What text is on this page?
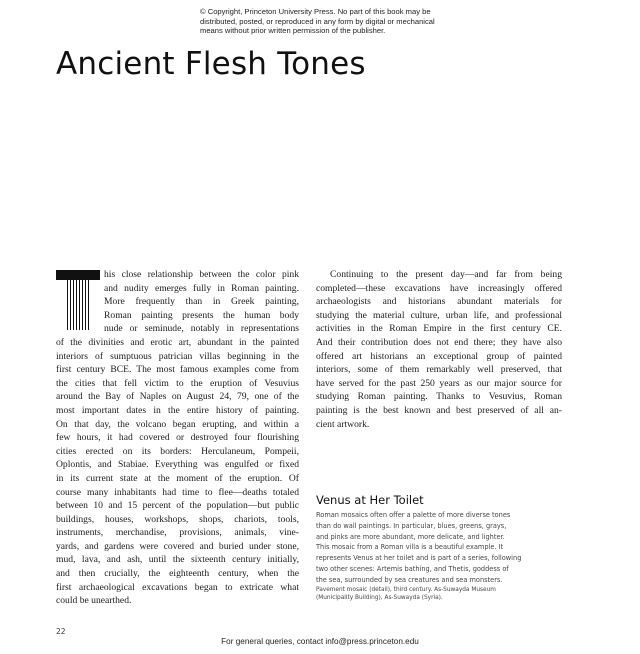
© Copyright, Princeton University Press. No part of this book may be
distributed, posted, or reproduced in any form by digital or mechanical
means without prior written permission of the publisher.
Ancient Flesh Tones
his close relationship between the color pink
and nudity emerges fully in Roman painting.
More frequently than in Greek painting,
Roman painting presents the human body
nude or seminude, notably in representations
of the divinities and erotic art, abundant in the painted
interiors of sumptuous patrician villas beginning in the
first century BCE. The most famous examples come from
the cities that fell victim to the eruption of Vesuvius
around the Bay of Naples on August 24, 79, one of the
most important dates in the entire history of painting.
On that day, the volcano began erupting, and within a
few hours, it had covered or destroyed four flourishing
cities erected on its borders: Herculaneum, Pompeii,
Oplontis, and Stabiae. Everything was engulfed or fixed
in its current state at the moment of the eruption. Of
course many inhabitants had time to flee—deaths totaled
between 10 and 15 percent of the population—but public
buildings, houses, workshops, shops, chariots, tools,
instruments, merchandise, provisions, animals, vine-
yards, and gardens were covered and buried under stone,
mud, lava, and ash, until the sixteenth century initially,
and then crucially, the eighteenth century, when the
first archaeological excavations began to extricate what
could be unearthed.
Continuing to the present day—and far from being
completed—these excavations have increasingly offered
archaeologists and historians abundant materials for
studying the material culture, urban life, and professional
activities in the Roman Empire in the first century CE.
And their contribution does not end there; they have also
offered art historians an exceptional group of painted
interiors, some of them remarkably well preserved, that
have served for the past 250 years as our major source for
studying Roman painting. Thanks to Vesuvius, Roman
painting is the best known and best preserved of all an-
cient artwork.
Venus at Her Toilet
Roman mosaics often offer a palette of more diverse tones
than do wall paintings. In particular, blues, greens, grays,
and pinks are more abundant, more delicate, and lighter.
This mosaic from a Roman villa is a beautiful example. It
represents Venus at her toilet and is part of a series, following
two other scenes: Artemis bathing, and Thetis, goddess of
the sea, surrounded by sea creatures and sea monsters.
Pavement mosaic (detail), third century. As-Suwayda Museum
(Municipality Building), As-Suwayda (Syria).
22
For general queries, contact info@press.princeton.edu
